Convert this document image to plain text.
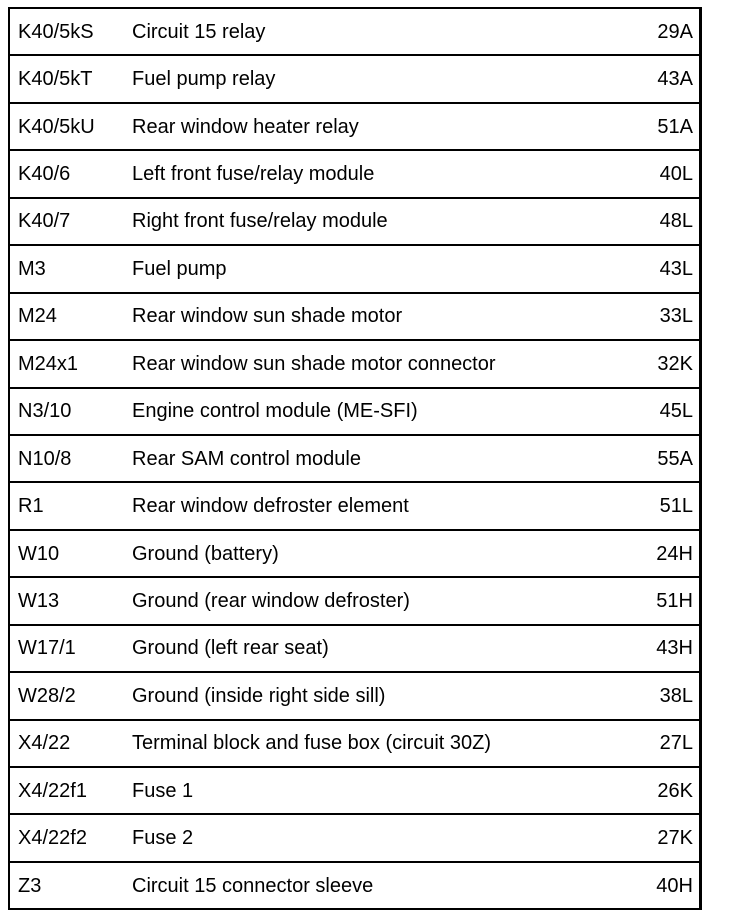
K40/5kS	Circuit 15 relay	29A
K40/5kT	Fuel pump relay	43A
K40/5kU	Rear window heater relay	51A
K40/6	Left front fuse/relay module	40L
K40/7	Right front fuse/relay module	48L
M3	Fuel pump	43L
M24	Rear window sun shade motor	33L
M24x1	Rear window sun shade motor connector	32K
N3/10	Engine control module (ME-SFI)	45L
N10/8	Rear SAM control module	55A
R1	Rear window defroster element	51L
W10	Ground (battery)	24H
W13	Ground (rear window defroster)	51H
W17/1	Ground (left rear seat)	43H
W28/2	Ground (inside right side sill)	38L
X4/22	Terminal block and fuse box (circuit 30Z)	27L
X4/22f1	Fuse 1	26K
X4/22f2	Fuse 2	27K
Z3	Circuit 15 connector sleeve	40H
